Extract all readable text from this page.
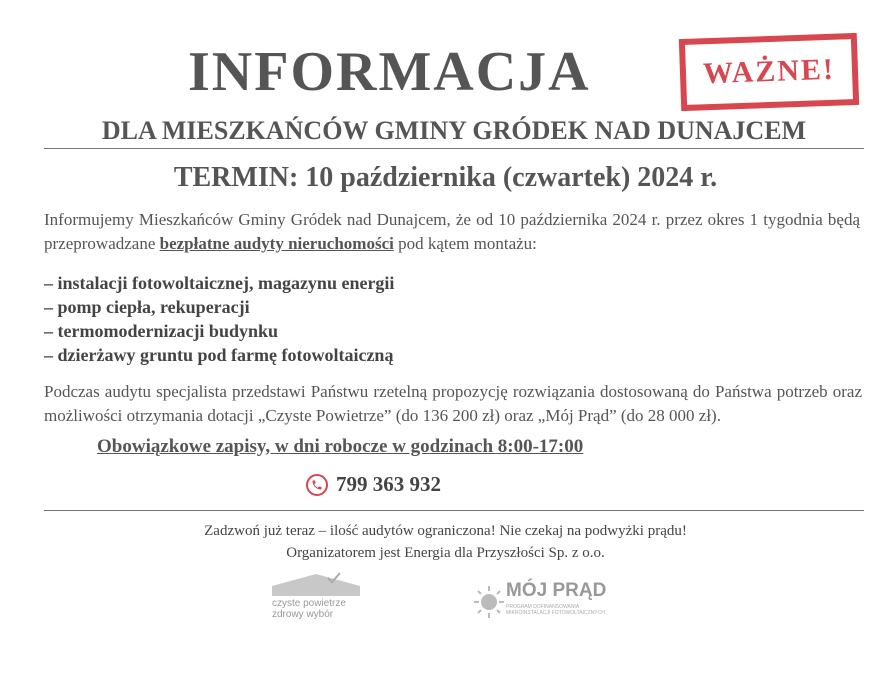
INFORMACJA	WAŻNE!
DLA MIESZKAŃCÓW GMINY GRÓDEK NAD DUNAJCEM
TERMIN: 10 października (czwartek) 2024 r.
Informujemy Mieszkańców Gminy Gródek nad Dunajcem, że od 10 października 2024 r. przez okres 1 tygodnia będą przeprowadzane bezpłatne audyty nieruchomości pod kątem montażu:
– instalacji fotowoltaicznej, magazynu energii
– pomp ciepła, rekuperacji
– termomodernizacji budynku
– dzierżawy gruntu pod farmę fotowoltaiczną
Podczas audytu specjalista przedstawi Państwu rzetelną propozycję rozwiązania dostosowaną do Państwa potrzeb oraz możliwości otrzymania dotacji „Czyste Powietrze” (do 136 200 zł) oraz „Mój Prąd” (do 28 000 zł).
Obowiązkowe zapisy, w dni robocze w godzinach 8:00-17:00
799 363 932
Zadzwoń już teraz – ilość audytów ograniczona! Nie czekaj na podwyżki prądu!
Organizatorem jest Energia dla Przyszłości Sp. z o.o.
czyste powietrze
zdrowy wybór
MÓJ PRĄD
PROGRAM DOFINANSOWANIA MIKROINSTALACJI FOTOWOLTAICZNYCH
